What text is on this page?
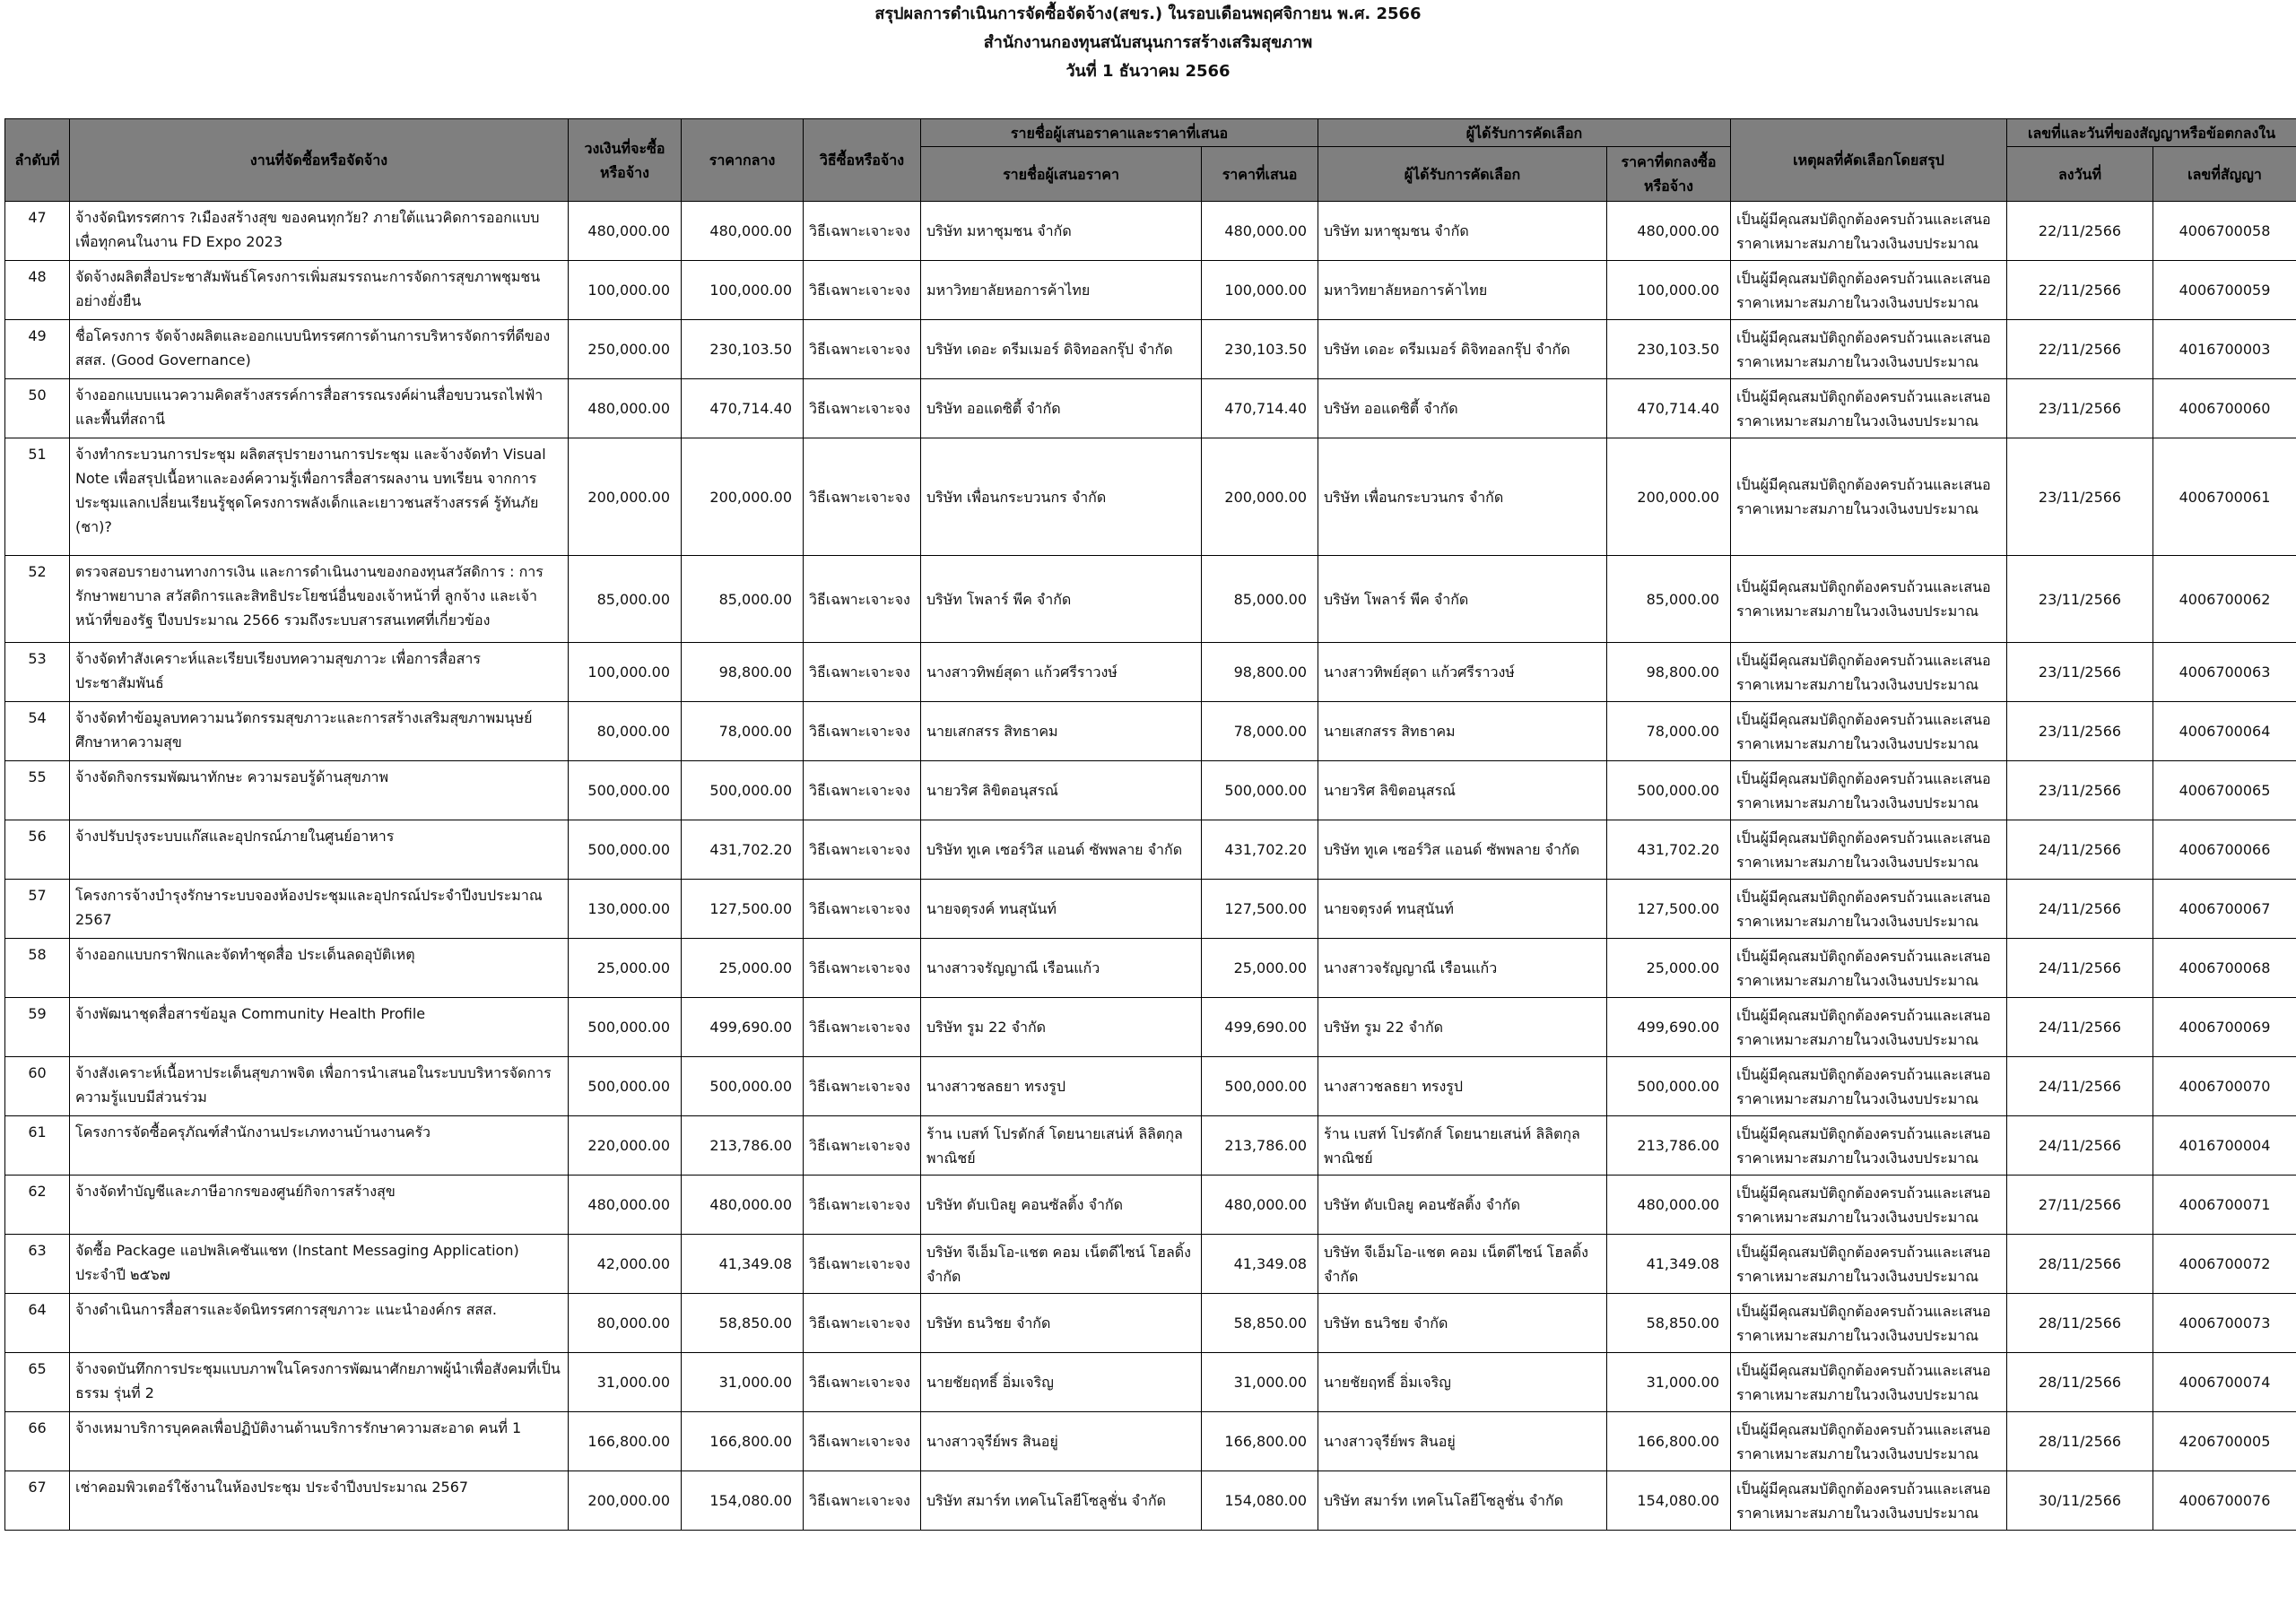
สรุปผลการดำเนินการจัดซื้อจัดจ้าง(สขร.) ในรอบเดือนพฤศจิกายน พ.ศ. 2566
สำนักงานกองทุนสนับสนุนการสร้างเสริมสุขภาพ
วันที่ 1 ธันวาคม 2566
ลำดับที่	งานที่จัดซื้อหรือจัดจ้าง	วงเงินที่จะซื้อหรือจ้าง	ราคากลาง	วิธีซื้อหรือจ้าง	รายชื่อผู้เสนอราคาและราคาที่เสนอ		ผู้ได้รับการคัดเลือก		เหตุผลที่คัดเลือกโดยสรุป	เลขที่และวันที่ของสัญญาหรือข้อตกลงใน	
					รายชื่อผู้เสนอราคา	ราคาที่เสนอ	ผู้ได้รับการคัดเลือก	ราคาที่ตกลงซื้อหรือจ้าง		ลงวันที่	เลขที่สัญญา
47	จ้างจัดนิทรรศการ ?เมืองสร้างสุข ของคนทุกวัย? ภายใต้แนวคิดการออกแบบเพื่อทุกคนในงาน FD Expo 2023	480,000.00	480,000.00	วิธีเฉพาะเจาะจง	บริษัท มหาชุมชน จำกัด	480,000.00	บริษัท มหาชุมชน จำกัด	480,000.00	เป็นผู้มีคุณสมบัติถูกต้องครบถ้วนและเสนอราคาเหมาะสมภายในวงเงินงบประมาณ	22/11/2566	4006700058
48	จัดจ้างผลิตสื่อประชาสัมพันธ์โครงการเพิ่มสมรรถนะการจัดการสุขภาพชุมชนอย่างยั่งยืน	100,000.00	100,000.00	วิธีเฉพาะเจาะจง	มหาวิทยาลัยหอการค้าไทย	100,000.00	มหาวิทยาลัยหอการค้าไทย	100,000.00	เป็นผู้มีคุณสมบัติถูกต้องครบถ้วนและเสนอราคาเหมาะสมภายในวงเงินงบประมาณ	22/11/2566	4006700059
49	ชื่อโครงการ จัดจ้างผลิตและออกแบบนิทรรศการด้านการบริหารจัดการที่ดีของ สสส. (Good Governance)	250,000.00	230,103.50	วิธีเฉพาะเจาะจง	บริษัท เดอะ ดรีมเมอร์ ดิจิทอลกรุ๊ป จำกัด	230,103.50	บริษัท เดอะ ดรีมเมอร์ ดิจิทอลกรุ๊ป จำกัด	230,103.50	เป็นผู้มีคุณสมบัติถูกต้องครบถ้วนและเสนอราคาเหมาะสมภายในวงเงินงบประมาณ	22/11/2566	4016700003
50	จ้างออกแบบแนวความคิดสร้างสรรค์การสื่อสารรณรงค์ผ่านสื่อขบวนรถไฟฟ้าและพื้นที่สถานี	480,000.00	470,714.40	วิธีเฉพาะเจาะจง	บริษัท ออแดซิตี้ จำกัด	470,714.40	บริษัท ออแดซิตี้ จำกัด	470,714.40	เป็นผู้มีคุณสมบัติถูกต้องครบถ้วนและเสนอราคาเหมาะสมภายในวงเงินงบประมาณ	23/11/2566	4006700060
51	จ้างทำกระบวนการประชุม ผลิตสรุปรายงานการประชุม และจ้างจัดทำ Visual Note เพื่อสรุปเนื้อหาและองค์ความรู้เพื่อการสื่อสารผลงาน บทเรียน จากการประชุมแลกเปลี่ยนเรียนรู้ชุดโครงการพลังเด็กและเยาวชนสร้างสรรค์ รู้ทันภัย (ชา)?	200,000.00	200,000.00	วิธีเฉพาะเจาะจง	บริษัท เพื่อนกระบวนกร จำกัด	200,000.00	บริษัท เพื่อนกระบวนกร จำกัด	200,000.00	เป็นผู้มีคุณสมบัติถูกต้องครบถ้วนและเสนอราคาเหมาะสมภายในวงเงินงบประมาณ	23/11/2566	4006700061
52	ตรวจสอบรายงานทางการเงิน และการดำเนินงานของกองทุนสวัสดิการ : การรักษาพยาบาล สวัสดิการและสิทธิประโยชน์อื่นของเจ้าหน้าที่ ลูกจ้าง และเจ้าหน้าที่ของรัฐ ปีงบประมาณ 2566 รวมถึงระบบสารสนเทศที่เกี่ยวข้อง	85,000.00	85,000.00	วิธีเฉพาะเจาะจง	บริษัท โพลาร์ พีค จำกัด	85,000.00	บริษัท โพลาร์ พีค จำกัด	85,000.00	เป็นผู้มีคุณสมบัติถูกต้องครบถ้วนและเสนอราคาเหมาะสมภายในวงเงินงบประมาณ	23/11/2566	4006700062
53	จ้างจัดทำสังเคราะห์และเรียบเรียงบทความสุขภาวะ เพื่อการสื่อสารประชาสัมพันธ์	100,000.00	98,800.00	วิธีเฉพาะเจาะจง	นางสาวทิพย์สุดา แก้วศรีราวงษ์	98,800.00	นางสาวทิพย์สุดา แก้วศรีราวงษ์	98,800.00	เป็นผู้มีคุณสมบัติถูกต้องครบถ้วนและเสนอราคาเหมาะสมภายในวงเงินงบประมาณ	23/11/2566	4006700063
54	จ้างจัดทำข้อมูลบทความนวัตกรรมสุขภาวะและการสร้างเสริมสุขภาพมนุษย์ศึกษาหาความสุข	80,000.00	78,000.00	วิธีเฉพาะเจาะจง	นายเสกสรร สิทธาคม	78,000.00	นายเสกสรร สิทธาคม	78,000.00	เป็นผู้มีคุณสมบัติถูกต้องครบถ้วนและเสนอราคาเหมาะสมภายในวงเงินงบประมาณ	23/11/2566	4006700064
55	จ้างจัดกิจกรรมพัฒนาทักษะ ความรอบรู้ด้านสุขภาพ	500,000.00	500,000.00	วิธีเฉพาะเจาะจง	นายวริศ ลิขิตอนุสรณ์	500,000.00	นายวริศ ลิขิตอนุสรณ์	500,000.00	เป็นผู้มีคุณสมบัติถูกต้องครบถ้วนและเสนอราคาเหมาะสมภายในวงเงินงบประมาณ	23/11/2566	4006700065
56	จ้างปรับปรุงระบบแก๊สและอุปกรณ์ภายในศูนย์อาหาร	500,000.00	431,702.20	วิธีเฉพาะเจาะจง	บริษัท ทูเค เซอร์วิส แอนด์ ซัพพลาย จำกัด	431,702.20	บริษัท ทูเค เซอร์วิส แอนด์ ซัพพลาย จำกัด	431,702.20	เป็นผู้มีคุณสมบัติถูกต้องครบถ้วนและเสนอราคาเหมาะสมภายในวงเงินงบประมาณ	24/11/2566	4006700066
57	โครงการจ้างบำรุงรักษาระบบจองห้องประชุมและอุปกรณ์ประจำปีงบประมาณ 2567	130,000.00	127,500.00	วิธีเฉพาะเจาะจง	นายจตุรงค์ ทนสุนันท์	127,500.00	นายจตุรงค์ ทนสุนันท์	127,500.00	เป็นผู้มีคุณสมบัติถูกต้องครบถ้วนและเสนอราคาเหมาะสมภายในวงเงินงบประมาณ	24/11/2566	4006700067
58	จ้างออกแบบกราฟิกและจัดทำชุดสื่อ ประเด็นลดอุบัติเหตุ	25,000.00	25,000.00	วิธีเฉพาะเจาะจง	นางสาวจรัญญาณี เรือนแก้ว	25,000.00	นางสาวจรัญญาณี เรือนแก้ว	25,000.00	เป็นผู้มีคุณสมบัติถูกต้องครบถ้วนและเสนอราคาเหมาะสมภายในวงเงินงบประมาณ	24/11/2566	4006700068
59	จ้างพัฒนาชุดสื่อสารข้อมูล Community Health Profile	500,000.00	499,690.00	วิธีเฉพาะเจาะจง	บริษัท รูม 22 จำกัด	499,690.00	บริษัท รูม 22 จำกัด	499,690.00	เป็นผู้มีคุณสมบัติถูกต้องครบถ้วนและเสนอราคาเหมาะสมภายในวงเงินงบประมาณ	24/11/2566	4006700069
60	จ้างสังเคราะห์เนื้อหาประเด็นสุขภาพจิต เพื่อการนำเสนอในระบบบริหารจัดการความรู้แบบมีส่วนร่วม	500,000.00	500,000.00	วิธีเฉพาะเจาะจง	นางสาวชลธยา ทรงรูป	500,000.00	นางสาวชลธยา ทรงรูป	500,000.00	เป็นผู้มีคุณสมบัติถูกต้องครบถ้วนและเสนอราคาเหมาะสมภายในวงเงินงบประมาณ	24/11/2566	4006700070
61	โครงการจัดซื้อครุภัณฑ์สำนักงานประเภทงานบ้านงานครัว	220,000.00	213,786.00	วิธีเฉพาะเจาะจง	ร้าน เบสท์ โปรดักส์ โดยนายเสน่ห์ ลิลิตกุลพาณิชย์	213,786.00	ร้าน เบสท์ โปรดักส์ โดยนายเสน่ห์ ลิลิตกุลพาณิชย์	213,786.00	เป็นผู้มีคุณสมบัติถูกต้องครบถ้วนและเสนอราคาเหมาะสมภายในวงเงินงบประมาณ	24/11/2566	4016700004
62	จ้างจัดทำบัญชีและภาษีอากรของศูนย์กิจการสร้างสุข	480,000.00	480,000.00	วิธีเฉพาะเจาะจง	บริษัท ดับเบิลยู คอนซัลติ้ง จำกัด	480,000.00	บริษัท ดับเบิลยู คอนซัลติ้ง จำกัด	480,000.00	เป็นผู้มีคุณสมบัติถูกต้องครบถ้วนและเสนอราคาเหมาะสมภายในวงเงินงบประมาณ	27/11/2566	4006700071
63	จัดซื้อ Package แอปพลิเคชันแชท (Instant Messaging Application) ประจำปี ๒๕๖๗	42,000.00	41,349.08	วิธีเฉพาะเจาะจง	บริษัท จีเอ็มโอ-แชต คอม เน็ตดีไซน์ โฮลดิ้ง จำกัด	41,349.08	บริษัท จีเอ็มโอ-แชต คอม เน็ตดีไซน์ โฮลดิ้ง จำกัด	41,349.08	เป็นผู้มีคุณสมบัติถูกต้องครบถ้วนและเสนอราคาเหมาะสมภายในวงเงินงบประมาณ	28/11/2566	4006700072
64	จ้างดำเนินการสื่อสารและจัดนิทรรศการสุขภาวะ แนะนำองค์กร สสส.	80,000.00	58,850.00	วิธีเฉพาะเจาะจง	บริษัท ธนวิชย จำกัด	58,850.00	บริษัท ธนวิชย จำกัด	58,850.00	เป็นผู้มีคุณสมบัติถูกต้องครบถ้วนและเสนอราคาเหมาะสมภายในวงเงินงบประมาณ	28/11/2566	4006700073
65	จ้างจดบันทึกการประชุมแบบภาพในโครงการพัฒนาศักยภาพผู้นำเพื่อสังคมที่เป็นธรรม รุ่นที่ 2	31,000.00	31,000.00	วิธีเฉพาะเจาะจง	นายชัยฤทธิ์ อิ่มเจริญ	31,000.00	นายชัยฤทธิ์ อิ่มเจริญ	31,000.00	เป็นผู้มีคุณสมบัติถูกต้องครบถ้วนและเสนอราคาเหมาะสมภายในวงเงินงบประมาณ	28/11/2566	4006700074
66	จ้างเหมาบริการบุคคลเพื่อปฏิบัติงานด้านบริการรักษาความสะอาด คนที่ 1	166,800.00	166,800.00	วิธีเฉพาะเจาะจง	นางสาวจุรีย์พร สินอยู่	166,800.00	นางสาวจุรีย์พร สินอยู่	166,800.00	เป็นผู้มีคุณสมบัติถูกต้องครบถ้วนและเสนอราคาเหมาะสมภายในวงเงินงบประมาณ	28/11/2566	4206700005
67	เช่าคอมพิวเตอร์ใช้งานในห้องประชุม ประจำปีงบประมาณ 2567	200,000.00	154,080.00	วิธีเฉพาะเจาะจง	บริษัท สมาร์ท เทคโนโลยีโซลูชั่น จำกัด	154,080.00	บริษัท สมาร์ท เทคโนโลยีโซลูชั่น จำกัด	154,080.00	เป็นผู้มีคุณสมบัติถูกต้องครบถ้วนและเสนอราคาเหมาะสมภายในวงเงินงบประมาณ	30/11/2566	4006700076
